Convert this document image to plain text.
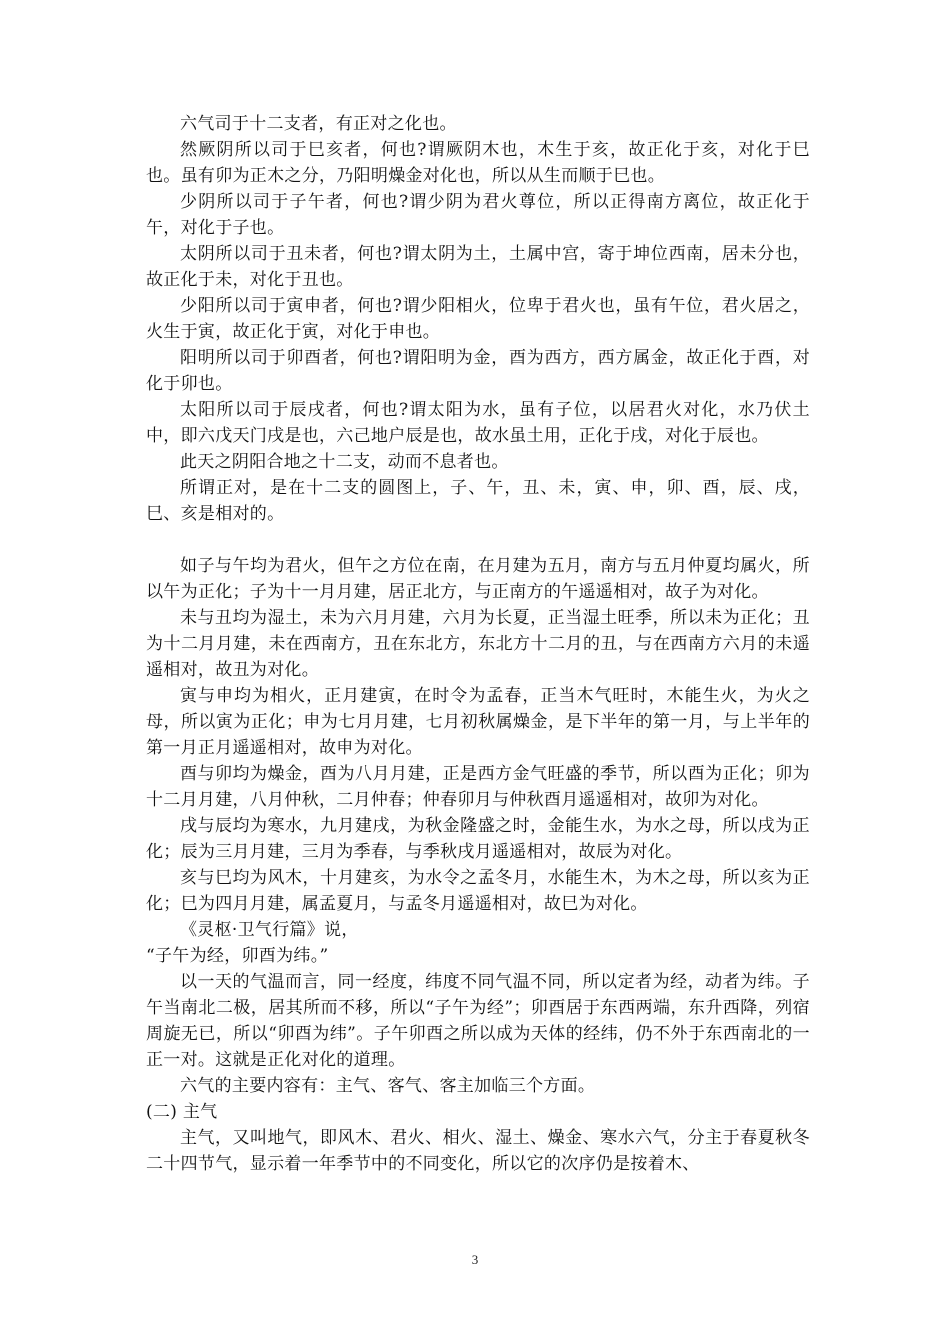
六气司于十二支者，有正对之化也。

然厥阴所以司于巳亥者，何也?谓厥阴木也，木生于亥，故正化于亥，对化于巳也。虽有卯为正木之分，乃阳明燥金对化也，所以从生而顺于巳也。

少阴所以司于子午者，何也?谓少阴为君火尊位，所以正得南方离位，故正化于午，对化于子也。

太阴所以司于丑未者，何也?谓太阴为土，土属中宫，寄于坤位西南，居未分也，故正化于未，对化于丑也。

少阳所以司于寅申者，何也?谓少阳相火，位卑于君火也，虽有午位，君火居之，火生于寅，故正化于寅，对化于申也。

阳明所以司于卯酉者，何也?谓阳明为金，酉为西方，西方属金，故正化于酉，对化于卯也。

太阳所以司于辰戌者，何也?谓太阳为水，虽有子位，以居君火对化，水乃伏土中，即六戊天门戌是也，六己地户辰是也，故水虽土用，正化于戌，对化于辰也。

此天之阴阳合地之十二支，动而不息者也。

所谓正对，是在十二支的圆图上，子、午，丑、未，寅、申，卯、酉，辰、戌，巳、亥是相对的。

如子与午均为君火，但午之方位在南，在月建为五月，南方与五月仲夏均属火，所以午为正化；子为十一月月建，居正北方，与正南方的午遥遥相对，故子为对化。

未与丑均为湿土，未为六月月建，六月为长夏，正当湿土旺季，所以未为正化；丑为十二月月建，未在西南方，丑在东北方，东北方十二月的丑，与在西南方六月的未遥遥相对，故丑为对化。

寅与申均为相火，正月建寅，在时令为孟春，正当木气旺时，木能生火，为火之母，所以寅为正化；申为七月月建，七月初秋属燥金，是下半年的第一月，与上半年的第一月正月遥遥相对，故申为对化。

酉与卯均为燥金，酉为八月月建，正是西方金气旺盛的季节，所以酉为正化；卯为十二月月建，八月仲秋，二月仲春；仲春卯月与仲秋酉月遥遥相对，故卯为对化。

戌与辰均为寒水，九月建戌，为秋金隆盛之时，金能生水，为水之母，所以戌为正化；辰为三月月建，三月为季春，与季秋戌月遥遥相对，故辰为对化。

亥与巳均为风木，十月建亥，为水令之孟冬月，水能生木，为木之母，所以亥为正化；巳为四月月建，属孟夏月，与孟冬月遥遥相对，故巳为对化。

《灵枢·卫气行篇》说，

“子午为经，卯酉为纬。”

以一天的气温而言，同一经度，纬度不同气温不同，所以定者为经，动者为纬。子午当南北二极，居其所而不移，所以“子午为经”；卯酉居于东西两端，东升西降，列宿周旋无已，所以“卯酉为纬”。子午卯酉之所以成为天体的经纬，仍不外于东西南北的一正一对。这就是正化对化的道理。

六气的主要内容有：主气、客气、客主加临三个方面。

(二) 主气

主气，又叫地气，即风木、君火、相火、湿土、燥金、寒水六气，分主于春夏秋冬二十四节气，显示着一年季节中的不同变化，所以它的次序仍是按着木、

3
